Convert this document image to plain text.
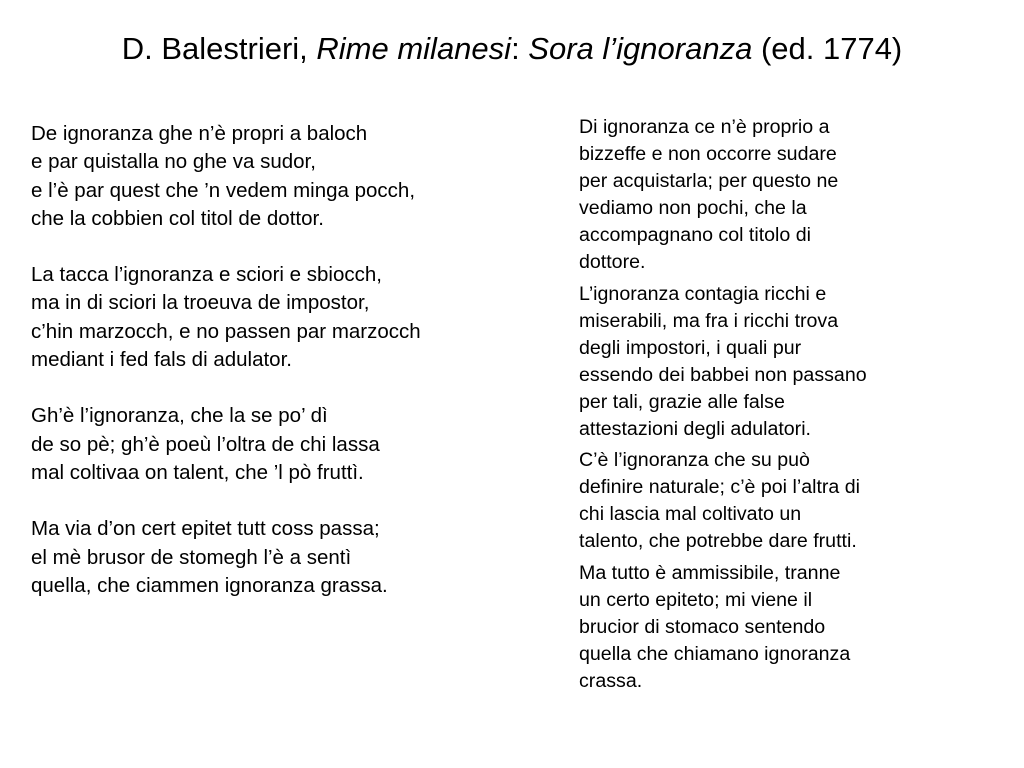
D. Balestrieri, Rime milanesi: Sora l’ignoranza (ed. 1774)
De ignoranza ghe n’è propri a baloch
e par quistalla no ghe va sudor,
e l’è par quest che ’n vedem minga pocch,
che la cobbien col titol de dottor.
La tacca l’ignoranza e sciori e sbiocch,
ma in di sciori la troeuva de impostor,
c’hin marzocch, e no passen par marzocch
mediant i fed fals di adulator.
Gh’è l’ignoranza, che la se po’ dì
de so pè; gh’è poeù l’oltra de chi lassa
mal coltivaa on talent, che ’l pò fruttì.
Ma via d’on cert epitet tutt coss passa;
el mè brusor de stomegh l’è a sentì
quella, che ciammen ignoranza grassa.
Di ignoranza ce n’è proprio a
bizzeffe e non occorre sudare
per acquistarla; per questo ne
vediamo non pochi, che la
accompagnano col titolo di
dottore.
L’ignoranza contagia ricchi e
miserabili, ma fra i ricchi trova
degli impostori, i quali pur
essendo dei babbei non passano
per tali, grazie alle false
attestazioni degli adulatori.
C’è l’ignoranza che su può
definire naturale; c’è poi l’altra di
chi lascia mal coltivato un
talento, che potrebbe dare frutti.
Ma tutto è ammissibile, tranne
un certo epiteto; mi viene il
brucior di stomaco sentendo
quella che chiamano ignoranza
crassa.
